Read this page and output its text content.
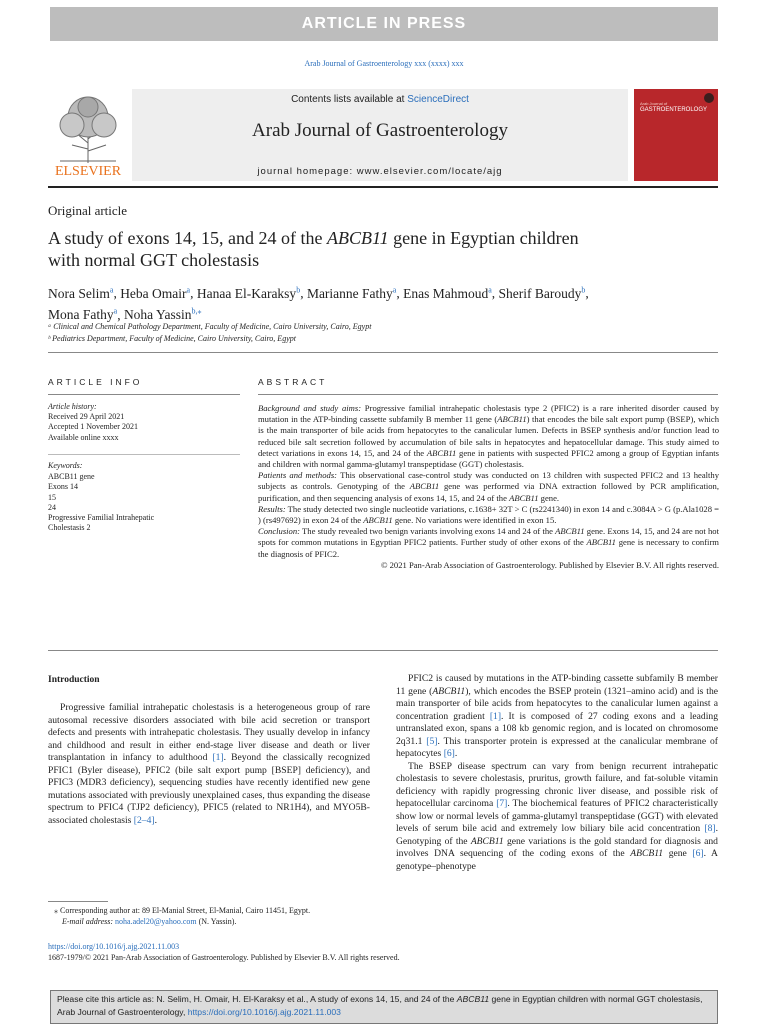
ARTICLE IN PRESS
Arab Journal of Gastroenterology xxx (xxxx) xxx
ELSEVIER
Contents lists available at ScienceDirect
Arab Journal of Gastroenterology
journal homepage: www.elsevier.com/locate/ajg
Arab Journal of
GASTROENTEROLOGY
Original article
A study of exons 14, 15, and 24 of the ABCB11 gene in Egyptian children
with normal GGT cholestasis
Nora Selim$^a$, Heba Omair$^a$, Hanaa El-Karaksy$^b$, Marianne Fathy$^a$, Enas Mahmoud$^a$, Sherif Baroudy$^b$,
Mona Fathy$^a$, Noha Yassin$^{b,⁎}$
ᵃ Clinical and Chemical Pathology Department, Faculty of Medicine, Cairo University, Cairo, Egypt
ᵇ Pediatrics Department, Faculty of Medicine, Cairo University, Cairo, Egypt
ARTICLE INFO	ABSTRACT
Article history:
Received 29 April 2021
Accepted 1 November 2021
Available online xxxx
Keywords:
ABCB11 gene
Exons 14
15
24
Progressive Familial Intrahepatic
Cholestasis 2
Background and study aims: Progressive familial intrahepatic cholestasis type 2 (PFIC2) is a rare inherited disorder caused by mutation in the ATP-binding cassette subfamily B member 11 gene (ABCB11) that encodes the bile salt export pump (BSEP), which is the main transporter of bile acids from hepatocytes to the canalicular lumen. Defects in BSEP synthesis and/or function lead to reduced bile salt secretion followed by accumulation of bile salts in hepatocytes and hepatocellular damage. This study aimed to detect variations in exons 14, 15, and 24 of the ABCB11 gene in patients with suspected PFIC2 among a group of Egyptian infants and children with normal gamma-glutamyl transpeptidase (GGT) cholestasis.
Patients and methods: This observational case-control study was conducted on 13 children with suspected PFIC2 and 13 healthy subjects as controls. Genotyping of the ABCB11 gene was performed via DNA extraction followed by PCR amplification, purification, and then sequencing analysis of exons 14, 15, and 24 of the ABCB11 gene.
Results: The study detected two single nucleotide variations, c.1638+ 32T > C (rs2241340) in exon 14 and c.3084A > G (p.Ala1028 = ) (rs497692) in exon 24 of the ABCB11 gene. No variations were identified in exon 15.
Conclusion: The study revealed two benign variants involving exons 14 and 24 of the ABCB11 gene. Exons 14, 15, and 24 are not hot spots for common mutations in Egyptian PFIC2 patients. Further study of other exons of the ABCB11 gene is necessary to confirm the diagnosis of PFIC2.
© 2021 Pan-Arab Association of Gastroenterology. Published by Elsevier B.V. All rights reserved.
Introduction

Progressive familial intrahepatic cholestasis is a heterogeneous group of rare autosomal recessive disorders associated with bile acid secretion or transport defects and presents with intrahepatic cholestasis. They usually develop in infancy and childhood and result in either end-stage liver disease and death or liver transplantation in infancy to adulthood [1]. Beyond the classically recognized PFIC1 (Byler disease), PFIC2 (bile salt export pump [BSEP] deficiency), and PFIC3 (MDR3 deficiency), sequencing studies have recently identified new gene mutations associated with previously unexplained cases, thus expanding the disease spectrum to PFIC4 (TJP2 deficiency), PFIC5 (related to NR1H4), and MYO5B-associated cholestasis [2–4].

PFIC2 is caused by mutations in the ATP-binding cassette subfamily B member 11 gene (ABCB11), which encodes the BSEP protein (1321–amino acid) and is the main transporter of bile acids from hepatocytes to the canalicular lumen against a concentration gradient [1]. It is composed of 27 coding exons and a leading untranslated exon, spans a 108 kb genomic region, and is located on chromosome 2q31.1 [5]. This transporter protein is expressed at the canalicular membrane of hepatocytes [6].

The BSEP disease spectrum can vary from benign recurrent intrahepatic cholestasis to severe cholestasis, pruritus, growth failure, and fat-soluble vitamin deficiency with rapidly progressing chronic liver disease, and possible risk of hepatocellular carcinoma [7]. The biochemical features of PFIC2 characteristically show low or normal levels of gamma-glutamyl transpeptidase (GGT) with elevated levels of serum bile acid and extremely low biliary bile acid concentration [8]. Genotyping of the ABCB11 gene variations is the gold standard for diagnosis and involves DNA sequencing of the coding exons of the ABCB11 gene [6]. A genotype–phenotype

⁎ Corresponding author at: 89 El-Manial Street, El-Manial, Cairo 11451, Egypt.
E-mail address: noha.adel20@yahoo.com (N. Yassin).
https://doi.org/10.1016/j.ajg.2021.11.003
1687-1979/© 2021 Pan-Arab Association of Gastroenterology. Published by Elsevier B.V. All rights reserved.
Please cite this article as: N. Selim, H. Omair, H. El-Karaksy et al., A study of exons 14, 15, and 24 of the ABCB11 gene in Egyptian children with normal GGT cholestasis, Arab Journal of Gastroenterology, https://doi.org/10.1016/j.ajg.2021.11.003
